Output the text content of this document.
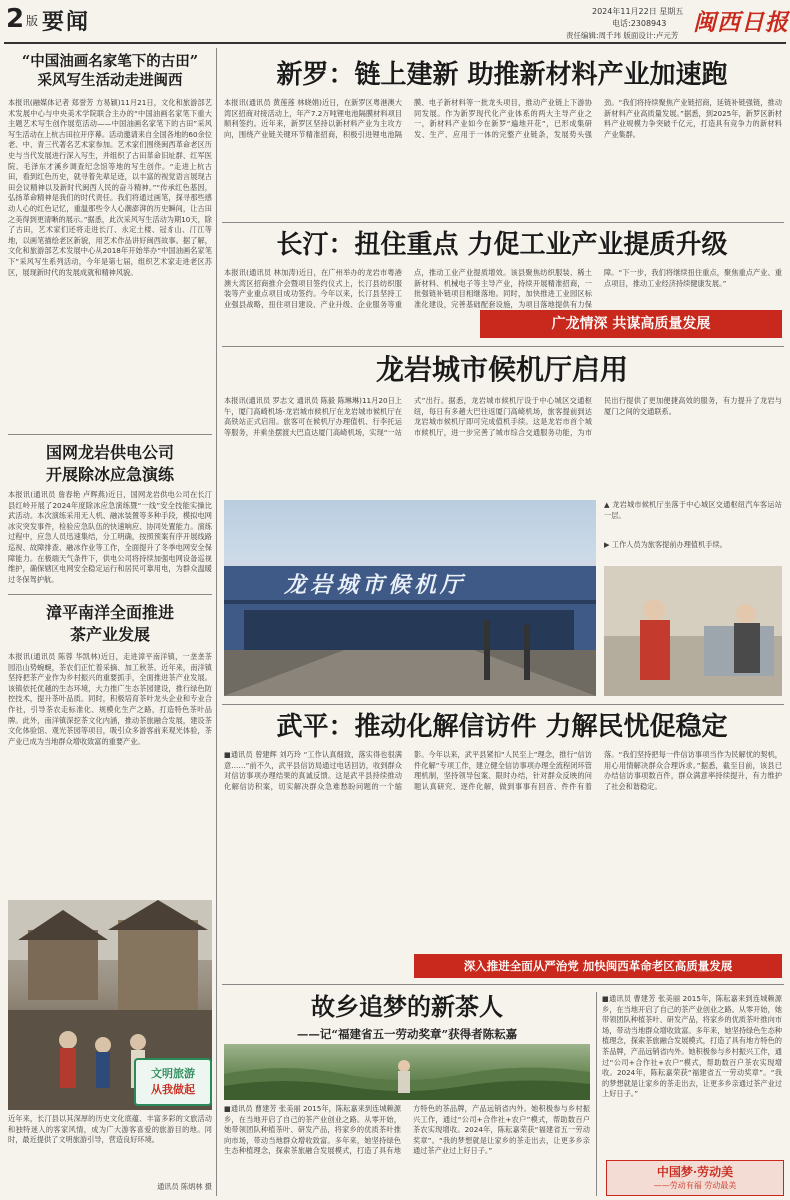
2 版 要闻	2024年11月22日 星期五
电话:2308943
责任编辑:周千玮 版面设计:卢元芳 闽西日报
“中国油画名家笔下的古田”
采风写生活动走进闽西
本报讯(融媒体记者 郑誉芳 方易颖)11月21日，文化和旅游部艺术发展中心与中央美术学院联合主办的“中国油画名家笔下重大主题艺术写生创作展览活动——中国油画名家笔下的古田”采风写生活动在上杭古田拉开序幕。活动邀请来自全国各地的60余位老、中、青三代著名艺术家参加。艺术家们围绕闽西革命老区历史与当代发展进行深入写生，并组织了古田革命旧址群、红军医院、毛泽东才溪乡调查纪念馆等地的写生创作。“走进上杭古田，看到红色历史，就寻着先辈足迹，以丰富的视觉语言展现古田会议精神以及新时代闽西人民的奋斗精神。”“传承红色基因，弘扬革命精神是我们的时代责任。我们将通过画笔，探寻那些感动人心的红色记忆，重温那些令人心潮澎湃的历史瞬间，让古田之美得到更清晰的展示。”据悉，此次采风写生活动为期10天，除了古田，艺术家们还将走进长汀、永定土楼、冠豸山、汀江等地，以画笔描绘老区新貌，用艺术作品讲好闽西故事。据了解，文化和旅游部艺术发展中心从2018年开始举办“中国油画名家笔下”采风写生系列活动，今年是第七届，组织艺术家走进老区苏区，展现新时代的发展成就和精神风貌。
国网龙岩供电公司
开展除冰应急演练
本报讯(通讯员 詹春艳 卢辉燕)近日，国网龙岩供电公司在长汀县红岭开展了2024年度除冰应急演练暨“一线”安全技能实操比武活动。本次演练采用无人机、融冰装置等多种手段，模拟电网冰灾突发事件，检验应急队伍的快速响应、协同处置能力。演练过程中，应急人员迅速集结，分工明确，按照预案有序开展线路巡视、故障排查、融冰作业等工作，全面提升了冬季电网安全保障能力。在极端天气条件下，供电公司将持续加强电网设备巡视维护，确保辖区电网安全稳定运行和居民可靠用电，为群众温暖过冬保驾护航。
漳平南洋全面推进
茶产业发展
本报讯(通讯员 陈蓉 华凯林)近日，走进漳平南洋镇，一垄垄茶园沿山势蜿蜒，茶农们正忙着采摘、加工秋茶。近年来，南洋镇坚持把茶产业作为乡村振兴的重要抓手，全面推进茶产业发展。该镇依托优越的生态环境，大力推广生态茶园建设，推行绿色防控技术，提升茶叶品质。同时，积极培育茶叶龙头企业和专业合作社，引导茶农走标准化、规模化生产之路，打造特色茶叶品牌。此外，南洋镇深挖茶文化内涵，推动茶旅融合发展，建设茶文化体验馆、观光茶园等项目，吸引众多游客前来观光体验，茶产业已成为当地群众增收致富的重要产业。
文明旅游
从我做起
近年来，长汀县以其深厚的历史文化底蕴、丰富多彩的文旅活动和独特迷人的客家风情，成为广大游客喜爱的旅游目的地。同时，最近提供了文明旅游引导，营造良好环境。
通讯员 陈炳林 摄
新罗：链上建新 助推新材料产业加速跑
本报讯(通讯员 黄莲莲 林晓娟)近日，在新罗区粤港澳大湾区招商对接活动上，年产7.2万吨锂电池隔膜材料项目顺利签约。近年来，新罗区坚持以新材料产业为主攻方向，围绕产业链关键环节精准招商，积极引进锂电池隔膜、电子新材料等一批龙头项目，推动产业链上下游协同发展。作为新罗现代化产业体系的两大主导产业之一，新材料产业如今在新罗“遍地开花”，已形成集研发、生产、应用于一体的完整产业链条，发展势头强劲。“我们将持续聚焦产业链招商，延链补链强链，推动新材料产业高质量发展。”据悉，到2025年，新罗区新材料产业规模力争突破千亿元，打造具有竞争力的新材料产业集群。
长汀：扭住重点 力促工业产业提质升级
本报讯(通讯员 林加涛)近日，在广州举办的龙岩市粤港澳大湾区招商推介会暨项目签约仪式上，长汀县纺织服装等产业重点项目成功签约。今年以来，长汀县坚持工业强县战略，扭住项目建设、产业升级、企业服务等重点，推动工业产业提质增效。该县聚焦纺织服装、稀土新材料、机械电子等主导产业，持续开展精准招商，一批强链补链项目相继落地。同时，加快推进工业园区标准化建设，完善基础配套设施，为项目落地提供有力保障。“下一步，我们将继续扭住重点，聚焦重点产业、重点项目，推动工业经济持续健康发展。”
广龙情深 共谋高质量发展
龙岩城市候机厅启用
本报讯(通讯员 罗志文 通讯员 陈毅 陈琳琳)11月20日上午，厦门高崎机场-龙岩城市候机厅在龙岩城市候机厅在高铁站正式启用。旅客可在候机厅办理值机、行李托运等服务，并乘坐摆渡大巴直达厦门高崎机场，实现“一站式”出行。据悉，龙岩城市候机厅设于中心城区交通枢纽，每日有多趟大巴往返厦门高崎机场，旅客提前到达龙岩城市候机厅即可完成值机手续。这是龙岩市首个城市候机厅，进一步完善了城市综合交通服务功能，为市民出行提供了更加便捷高效的服务，有力提升了龙岩与厦门之间的交通联系。
龙岩城市候机厅
▲ 龙岩城市候机厅坐落于中心城区交通枢纽汽车客运站一层。
▶ 工作人员为旅客提前办理值机手续。
武平：推动化解信访件 力解民忧促稳定
■通讯员 曾建辉 刘巧玲 “工作认真细致，落实得也很满意……”前不久，武平县信访局通过电话回访，收到群众对信访事项办理结果的真诚反馈。这是武平县持续推动化解信访积案，切实解决群众急难愁盼问题的一个缩影。今年以来，武平县紧扣“人民至上”理念，推行“信访件化解”专项工作，建立健全信访事项办理全流程闭环管理机制，坚持领导包案、限时办结，针对群众反映的问题认真研究、逐件化解，做到事事有回音、件件有着落。“我们坚持把每一件信访事项当作为民解忧的契机，用心用情解决群众合理诉求。”据悉，截至目前，该县已办结信访事项数百件，群众满意率持续提升，有力维护了社会和谐稳定。
深入推进全面从严治党 加快闽西革命老区高质量发展
故乡追梦的新茶人
——记“福建省五一劳动奖章”获得者陈耘嘉
■通讯员 曹建芳 张美丽 2015年，陈耘嘉来到连城赖源乡，在当地开启了自己的茶产业创业之路。从零开始，她带领团队种植茶叶、研发产品，将家乡的优质茶叶推向市场，带动当地群众增收致富。多年来，她坚持绿色生态种植理念，探索茶旅融合发展模式，打造了具有地方特色的茶品牌，产品远销省内外。她积极参与乡村振兴工作，通过“公司+合作社+农户”模式，帮助数百户茶农实现增收。2024年，陈耘嘉荣获“福建省五一劳动奖章”。“我的梦想就是让家乡的茶走出去，让更多乡亲通过茶产业过上好日子。”
■通讯员 曹建芳 张美丽 2015年，陈耘嘉来到连城赖源乡，在当地开启了自己的茶产业创业之路。从零开始，她带领团队种植茶叶、研发产品，将家乡的优质茶叶推向市场，带动当地群众增收致富。多年来，她坚持绿色生态种植理念，探索茶旅融合发展模式，打造了具有地方特色的茶品牌，产品远销省内外。她积极参与乡村振兴工作，通过“公司+合作社+农户”模式，帮助数百户茶农实现增收。2024年，陈耘嘉荣获“福建省五一劳动奖章”。“我的梦想就是让家乡的茶走出去，让更多乡亲通过茶产业过上好日子。”
中国梦·劳动美
——劳动有福 劳动最美
